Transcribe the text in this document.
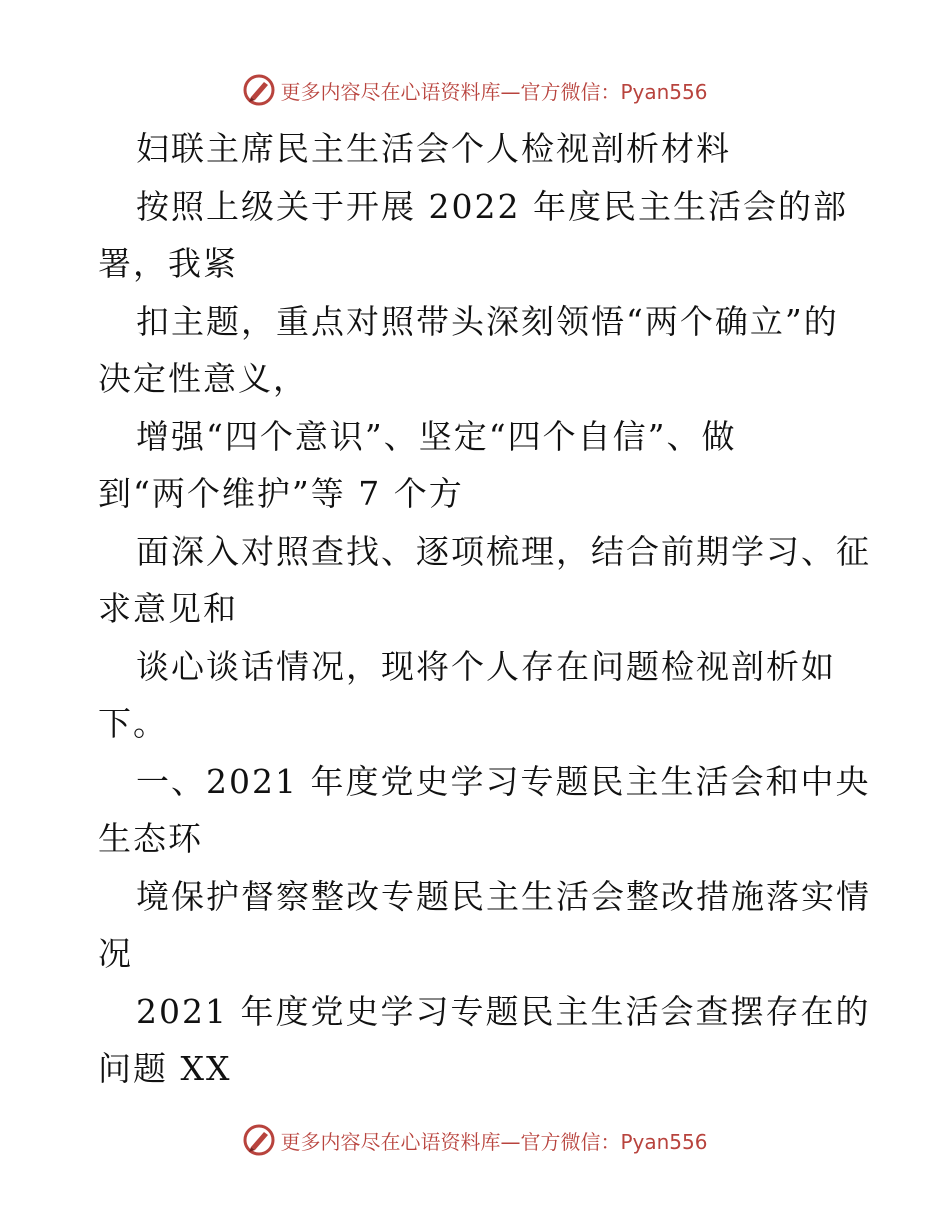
更多内容尽在心语资料库—官方微信：Pyan556
妇联主席民主生活会个人检视剖析材料
按照上级关于开展 2022 年度民主生活会的部
署，我紧
扣主题，重点对照带头深刻领悟“两个确立”的
决定性意义，
增强“四个意识”、坚定“四个自信”、做
到“两个维护”等 7 个方
面深入对照查找、逐项梳理，结合前期学习、征
求意见和
谈心谈话情况，现将个人存在问题检视剖析如
下。
一、2021 年度党史学习专题民主生活会和中央
生态环
境保护督察整改专题民主生活会整改措施落实情
况
2021 年度党史学习专题民主生活会查摆存在的
问题 XX
更多内容尽在心语资料库—官方微信：Pyan556
